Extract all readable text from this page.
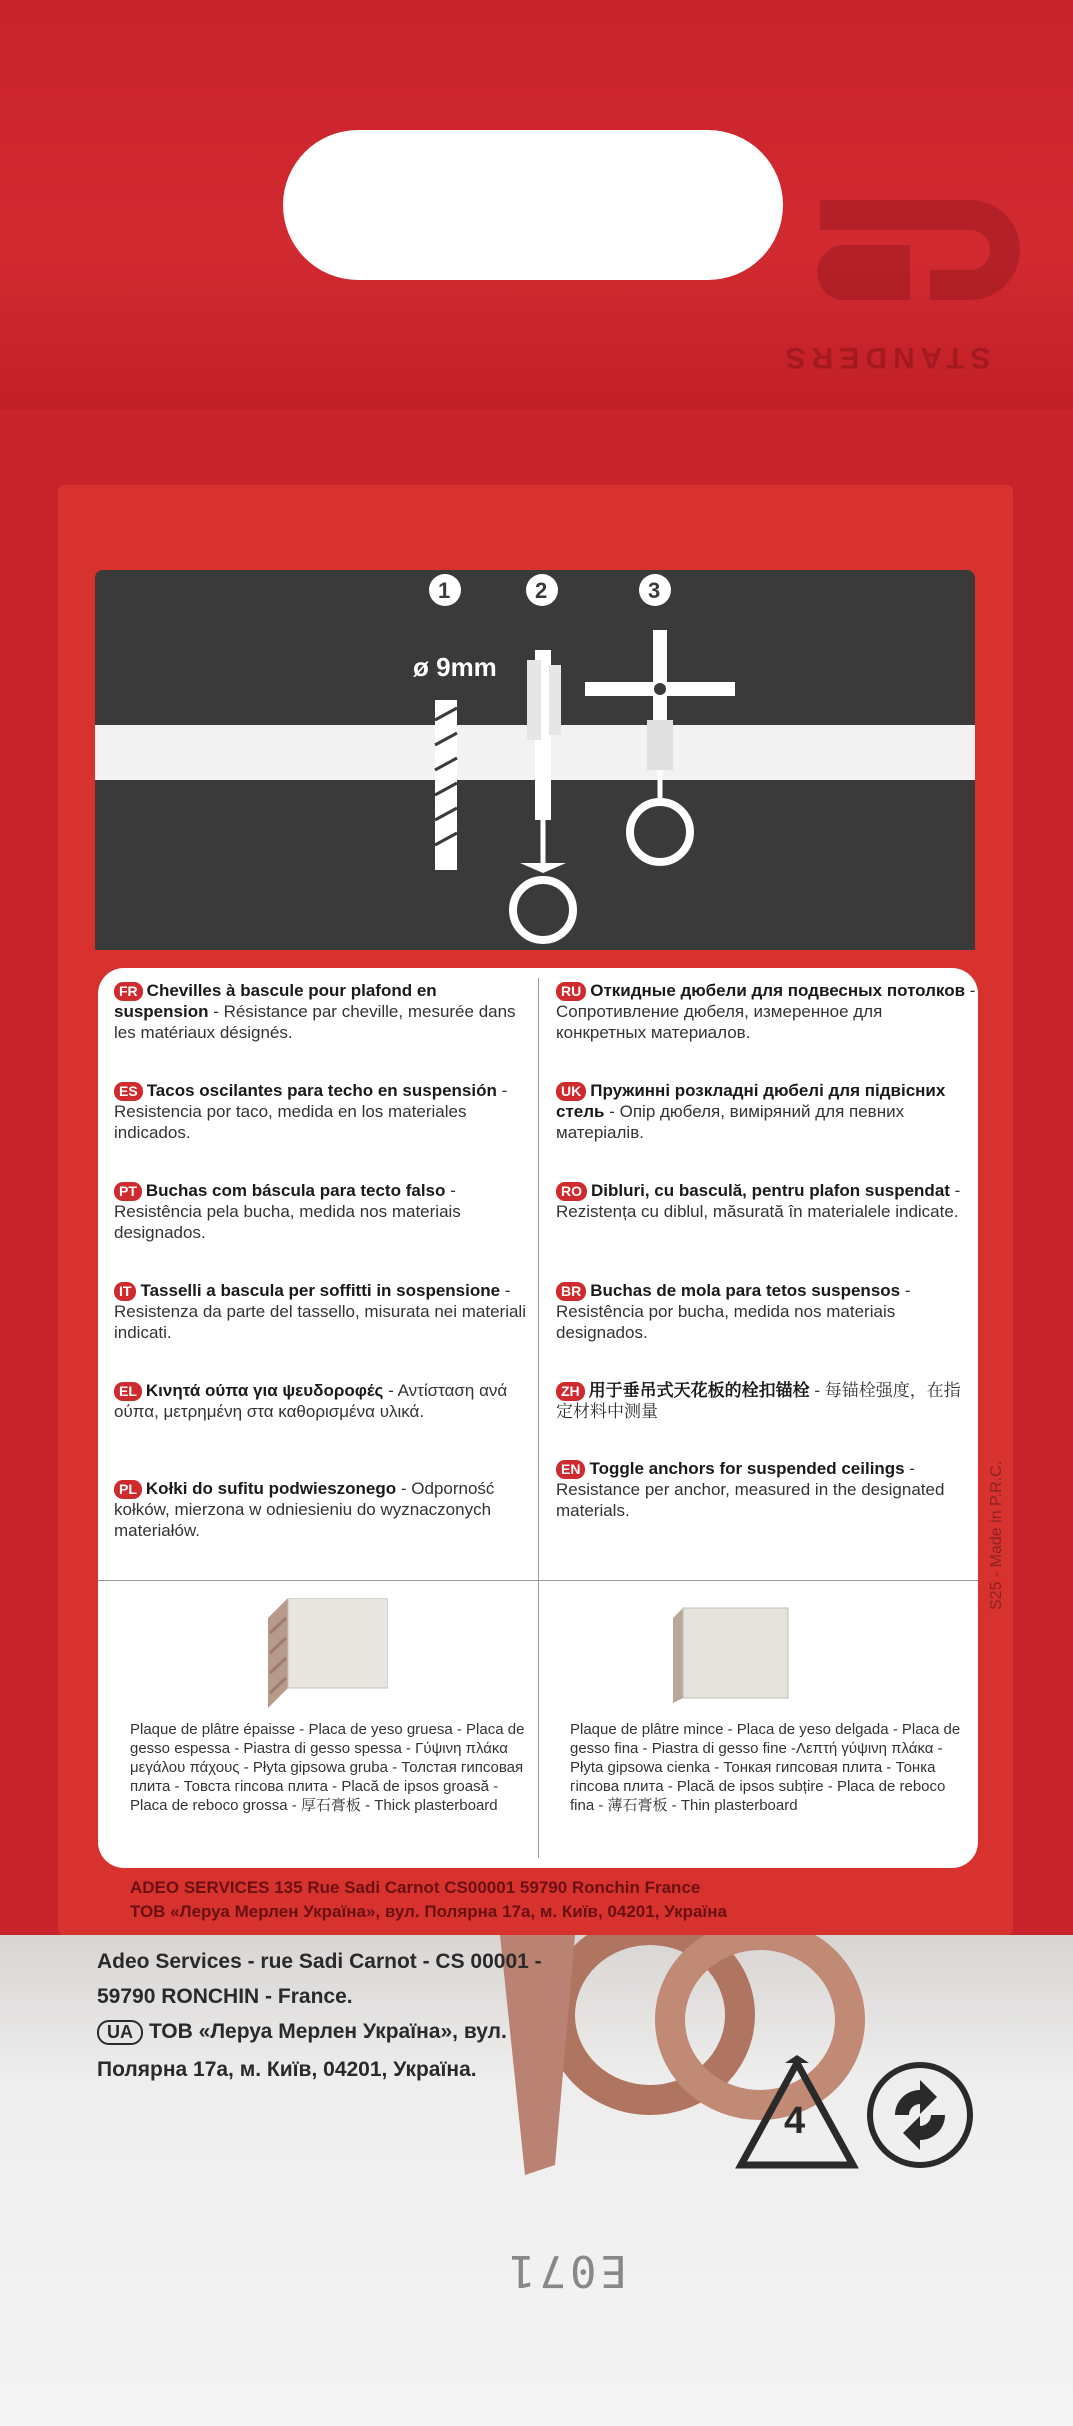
STANDERS
1	2	3
ø 9mm
FR Chevilles à bascule pour plafond en suspension - Résistance par cheville, mesurée dans les matériaux désignés.
ES Tacos oscilantes para techo en suspensión - Resistencia por taco, medida en los materiales indicados.
PT Buchas com báscula para tecto falso - Resistência pela bucha, medida nos materiais designados.
IT Tasselli a bascula per soffitti in sospensione - Resistenza da parte del tassello, misurata nei materiali indicati.
EL Κινητά ούπα για ψευδοροφές - Αντίσταση ανά ούπα, μετρημένη στα καθορισμένα υλικά.
PL Kołki do sufitu podwieszonego - Odporność kołków, mierzona w odniesieniu do wyznaczonych materiałów.
RU Откидные дюбели для подвесных потолков - Сопротивление дюбеля, измеренное для конкретных материалов.
UK Пружинні розкладні дюбелі для підвісних стель - Опір дюбеля, виміряний для певних матеріалів.
RO Dibluri, cu basculă, pentru plafon suspendat - Rezistența cu diblul, măsurată în materialele indicate.
BR Buchas de mola para tetos suspensos - Resistência por bucha, medida nos materiais designados.
ZH 用于垂吊式天花板的栓扣锚栓 - 每锚栓强度，在指定材料中测量
EN Toggle anchors for suspended ceilings - Resistance per anchor, measured in the designated materials.
Plaque de plâtre épaisse - Placa de yeso gruesa - Placa de gesso espessa - Piastra di gesso spessa - Γύψινη πλάκα μεγάλου πάχους - Płyta gipsowa gruba - Толстая гипсовая плита - Товста гіпсова плита - Placă de ipsos groasă - Placa de reboco grossa - 厚石膏板 - Thick plasterboard
Plaque de plâtre mince - Placa de yeso delgada - Placa de gesso fina - Piastra di gesso fine -Λεπτή γύψινη πλάκα - Płyta gipsowa cienka - Тонкая гипсовая плита - Тонка гіпсова плита - Placă de ipsos subțire - Placa de reboco fina - 薄石膏板 - Thin plasterboard
S25 - Made in P.R.C.
ADEO SERVICES 135 Rue Sadi Carnot CS00001 59790 Ronchin France
ТОВ «Леруа Мерлен Україна», вул. Полярна 17а, м. Київ, 04201, Україна
Adeo Services - rue Sadi Carnot - CS 00001 -
59790 RONCHIN - France.
UA ТОВ «Леруа Мерлен Україна», вул.
Полярна 17а, м. Київ, 04201, Україна.
4
E071
